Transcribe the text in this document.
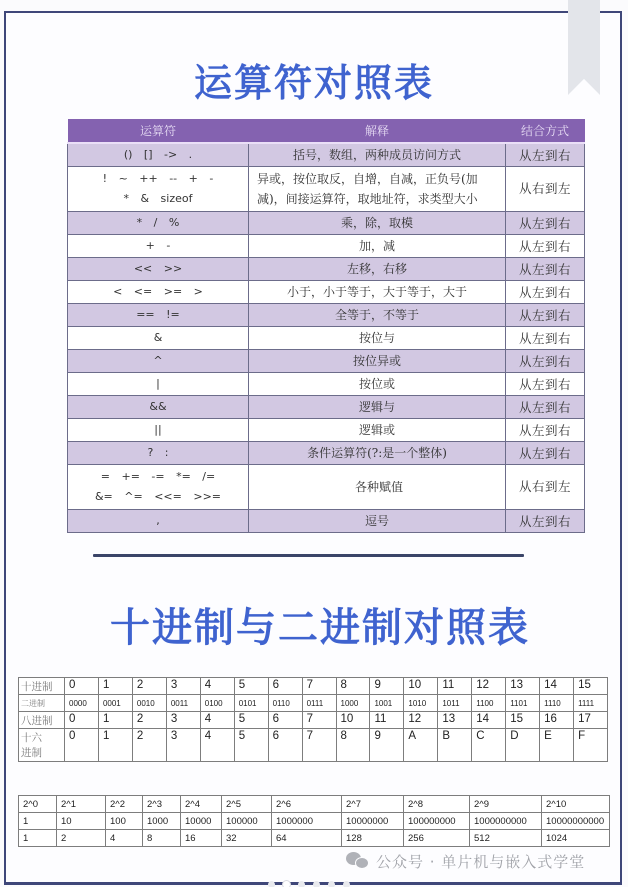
运算符对照表
运算符	解释	结合方式
() [] -> .	括号，数组，两种成员访问方式	从左到右

! ~ ++ -- + -
* & sizeof	异或，按位取反，自增，自减，正负号(加
减)，间接运算符，取地址符，求类型大小	从右到左
* / %	乘，除，取模	从左到右
+ -	加，减	从左到右
<< >>	左移，右移	从左到右
< <= >= >	小于，小于等于，大于等于，大于	从左到右
== !=	全等于，不等于	从左到右
&	按位与	从左到右
^	按位异或	从左到右
|	按位或	从左到右
&&	逻辑与	从左到右
||	逻辑或	从左到右
? :	条件运算符(?:是一个整体)	从左到右

= += -= *= /=
&= ^= <<= >>=	各种赋值	从右到左
,	逗号	从左到右
十进制与二进制对照表
十进制	0	1	2	3	4	5	6	7	8	9	10	11	12	13	14	15
二进制	0000	0001	0010	0011	0100	0101	0110	0111	1000	1001	1010	1011	1100	1101	1110	1111
八进制	0	1	2	3	4	5	6	7	10	11	12	13	14	15	16	17

十六
进制	0	1	2	3	4	5	6	7	8	9	A	B	C	D	E	F
2^0	2^1	2^2	2^3	2^4	2^5	2^6	2^7	2^8	2^9	2^10
1	10	100	1000	10000	100000	1000000	10000000	100000000	1000000000	10000000000
1	2	4	8	16	32	64	128	256	512	1024
公众号 · 单片机与嵌入式学堂
